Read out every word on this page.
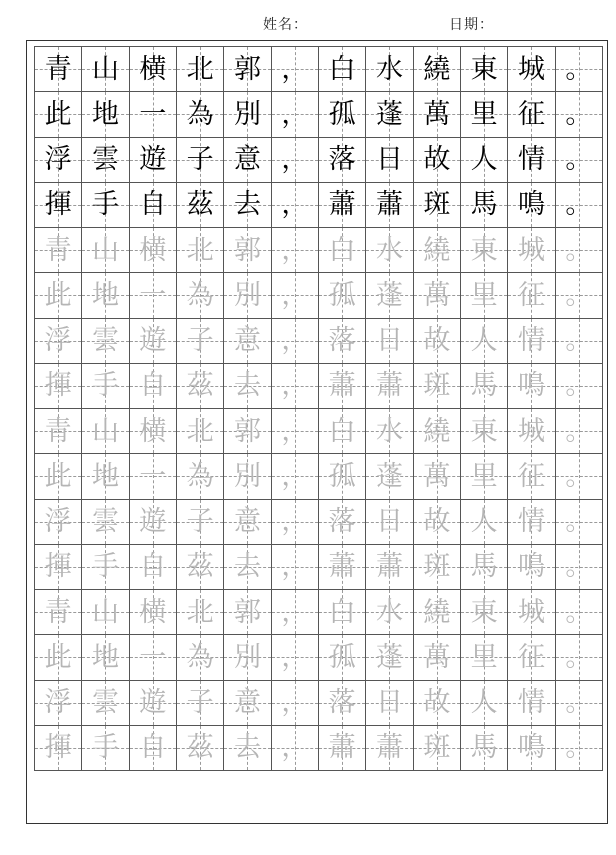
姓名：	日期：
青 山 横 北 郭 ， 白 水 繞 東 城 。
此 地 一 為 別 ， 孤 蓬 萬 里 征 。
浮 雲 遊 子 意 ， 落 日 故 人 情 。
揮 手 自 茲 去 ， 蕭 蕭 斑 馬 鳴 。
青 山 横 北 郭 ， 白 水 繞 東 城 。
此 地 一 為 別 ， 孤 蓬 萬 里 征 。
浮 雲 遊 子 意 ， 落 日 故 人 情 。
揮 手 自 茲 去 ， 蕭 蕭 斑 馬 鳴 。
青 山 横 北 郭 ， 白 水 繞 東 城 。
此 地 一 為 別 ， 孤 蓬 萬 里 征 。
浮 雲 遊 子 意 ， 落 日 故 人 情 。
揮 手 自 茲 去 ， 蕭 蕭 斑 馬 鳴 。
青 山 横 北 郭 ， 白 水 繞 東 城 。
此 地 一 為 別 ， 孤 蓬 萬 里 征 。
浮 雲 遊 子 意 ， 落 日 故 人 情 。
揮 手 自 茲 去 ， 蕭 蕭 斑 馬 鳴 。
